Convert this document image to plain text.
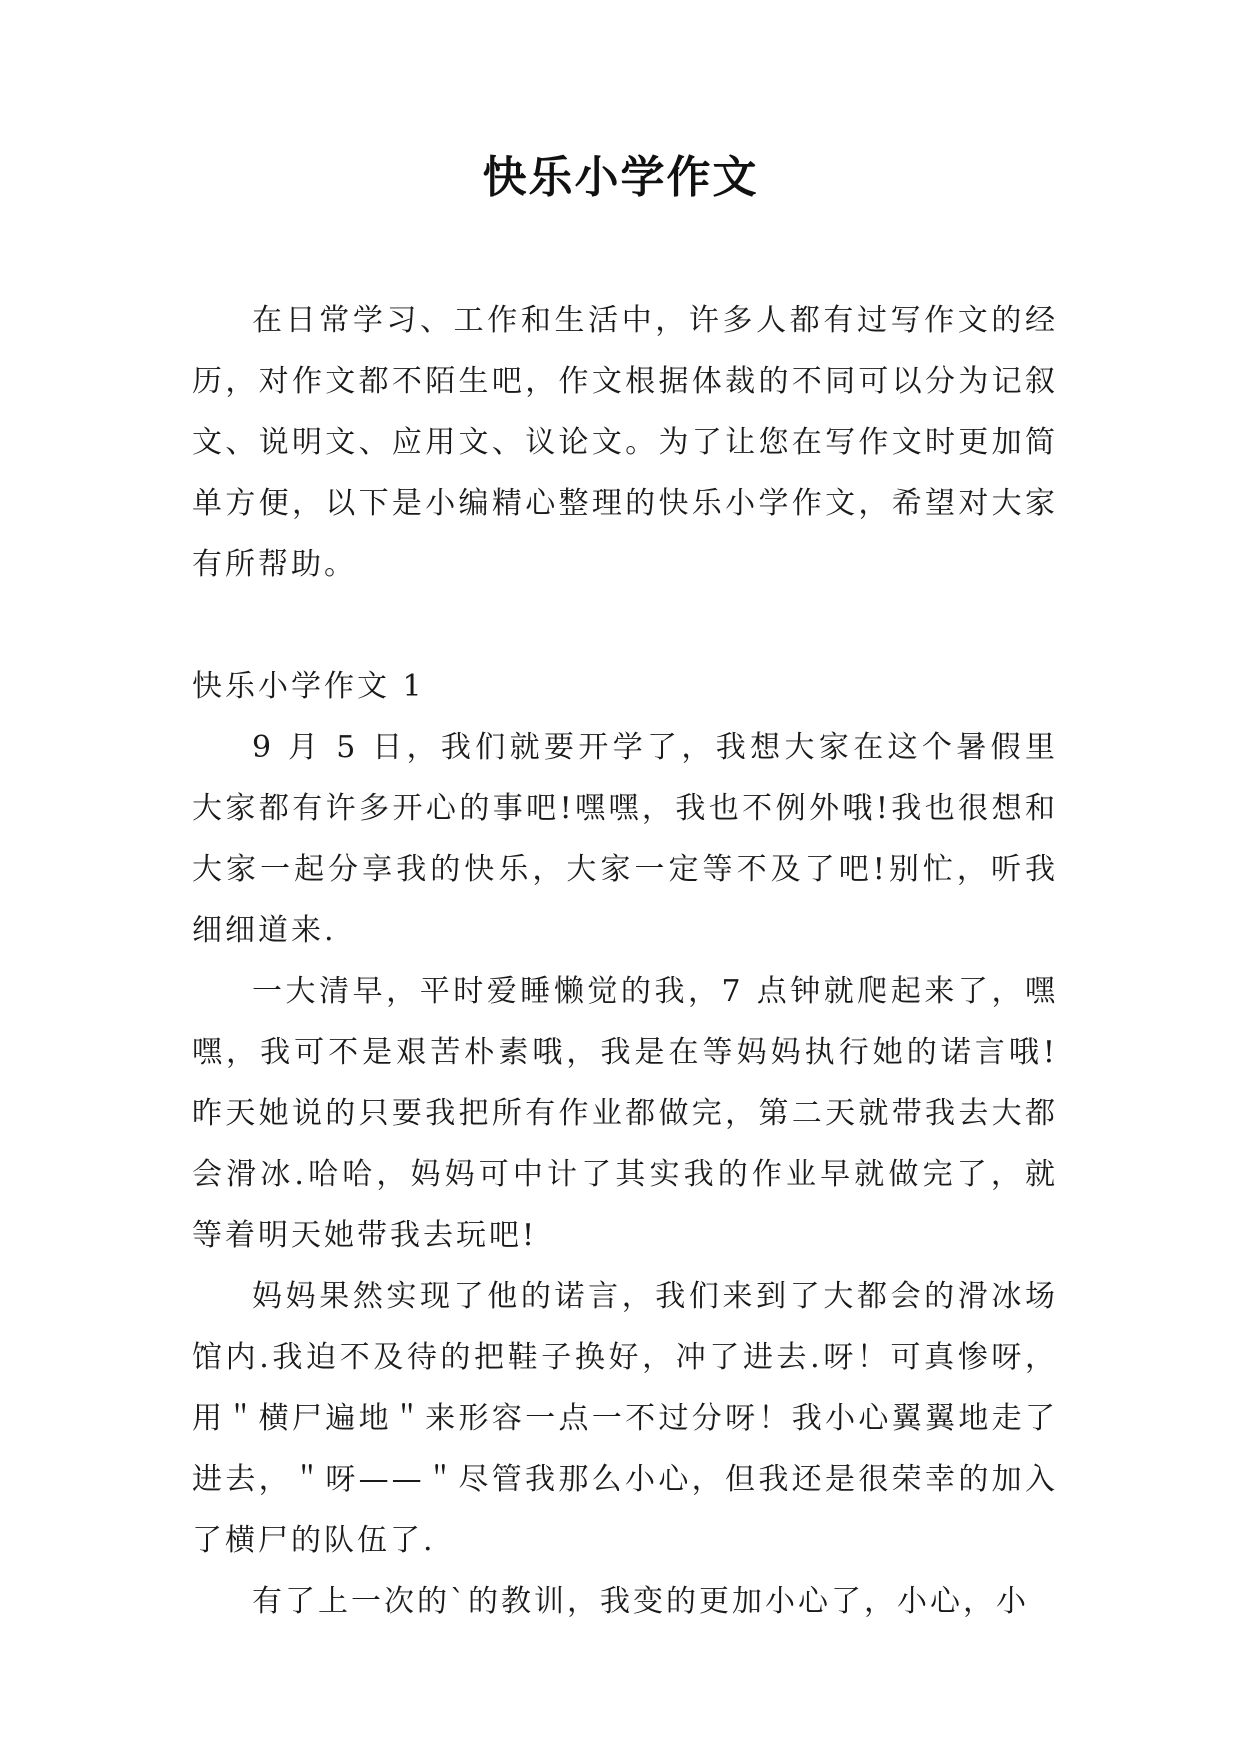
快乐小学作文

在日常学习、工作和生活中，许多人都有过写作文的经历，对作文都不陌生吧，作文根据体裁的不同可以分为记叙文、说明文、应用文、议论文。为了让您在写作文时更加简单方便，以下是小编精心整理的快乐小学作文，希望对大家有所帮助。

快乐小学作文 1

9 月 5 日，我们就要开学了，我想大家在这个暑假里大家都有许多开心的事吧!嘿嘿，我也不例外哦!我也很想和大家一起分享我的快乐，大家一定等不及了吧!别忙，听我细细道来.

一大清早，平时爱睡懒觉的我，7 点钟就爬起来了，嘿嘿，我可不是艰苦朴素哦，我是在等妈妈执行她的诺言哦!昨天她说的只要我把所有作业都做完，第二天就带我去大都会滑冰.哈哈，妈妈可中计了其实我的作业早就做完了，就等着明天她带我去玩吧!

妈妈果然实现了他的诺言，我们来到了大都会的滑冰场馆内.我迫不及待的把鞋子换好，冲了进去.呀！可真惨呀，用＂横尸遍地＂来形容一点一不过分呀！我小心翼翼地走了进去，＂呀——＂尽管我那么小心，但我还是很荣幸的加入了横尸的队伍了.

有了上一次的`的教训，我变的更加小心了，小心，小
